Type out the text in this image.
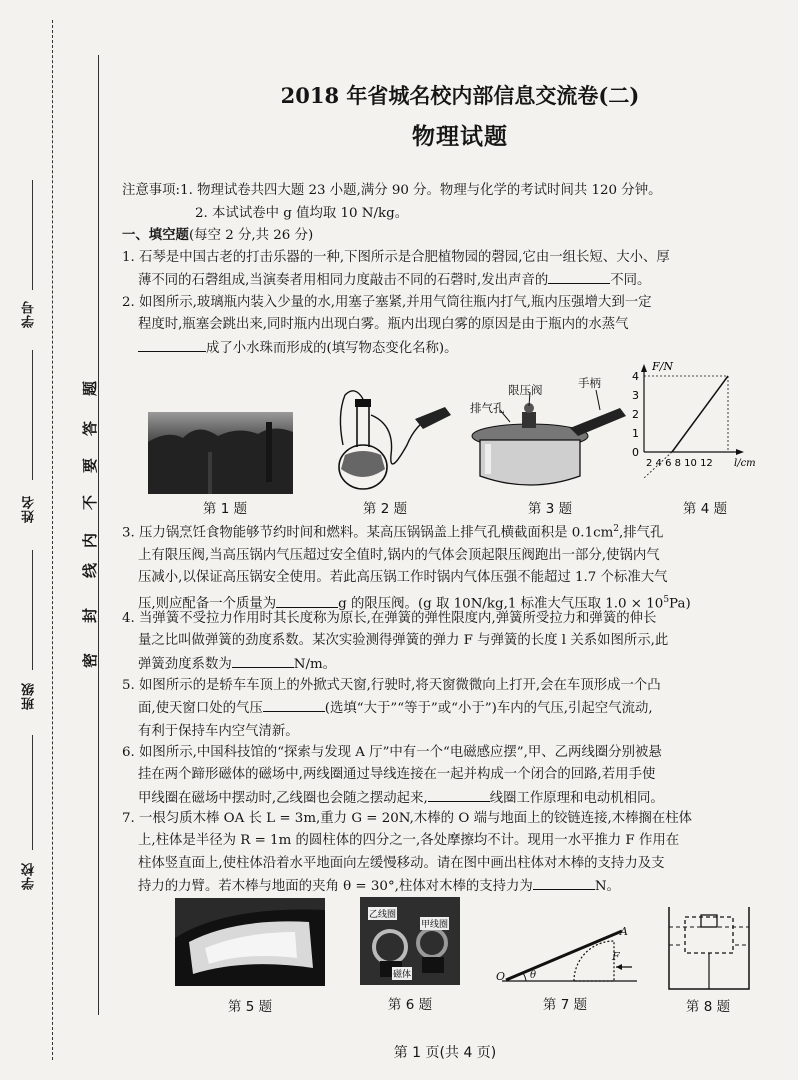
学号
姓名
班级
学校
密
封
线
内
不
要
答
题
2018 年省城名校内部信息交流卷(二)
物理试题
注意事项:1. 物理试卷共四大题 23 小题,满分 90 分。物理与化学的考试时间共 120 分钟。
2. 本试试卷中 g 值均取 10 N/kg。
一、填空题(每空 2 分,共 26 分)
1. 石琴是中国古老的打击乐器的一种,下图所示是合肥植物园的磬园,它由一组长短、大小、厚
薄不同的石磬组成,当演奏者用相同力度敲击不同的石磬时,发出声音的	不同。
2. 如图所示,玻璃瓶内装入少量的水,用塞子塞紧,并用气筒往瓶内打气,瓶内压强增大到一定
程度时,瓶塞会跳出来,同时瓶内出现白雾。瓶内出现白雾的原因是由于瓶内的水蒸气
成了小水珠而形成的(填写物态变化名称)。
限压阀
排气孔
手柄	4
3
2
1
0
F/N
2 4 6 8 10 12 l/cm
第 1 题	第 2 题	第 3 题	第 4 题
3. 压力锅烹饪食物能够节约时间和燃料。某高压锅锅盖上排气孔横截面积是 $0.1cm^2$,排气孔
上有限压阀,当高压锅内气压超过安全值时,锅内的气体会顶起限压阀跑出一部分,使锅内气
压减小,以保证高压锅安全使用。若此高压锅工作时锅内气体压强不能超过 1.7 个标准大气
压,则应配备一个质量为	g 的限压阀。(g 取 10N/kg,1 标准大气压取 $1.0 \times 10^5Pa$)
4. 当弹簧不受拉力作用时其长度称为原长,在弹簧的弹性限度内,弹簧所受拉力和弹簧的伸长
量之比叫做弹簧的劲度系数。某次实验测得弹簧的弹力 F 与弹簧的长度 l 关系如图所示,此
弹簧劲度系数为	N/m。
5. 如图所示的是轿车车顶上的外掀式天窗,行驶时,将天窗微微向上打开,会在车顶形成一个凸
面,使天窗口处的气压	(选填“大于”“等于”或“小于”)车内的气压,引起空气流动,
有利于保持车内空气清新。
6. 如图所示,中国科技馆的“探索与发现 A 厅”中有一个“电磁感应摆”,甲、乙两线圈分别被悬
挂在两个蹄形磁体的磁场中,两线圈通过导线连接在一起并构成一个闭合的回路,若用手使
甲线圈在磁场中摆动时,乙线圈也会随之摆动起来,	线圈工作原理和电动机相同。
7. 一根匀质木棒 OA 长 L = 3m,重力 G = 20N,木棒的 O 端与地面上的铰链连接,木棒搁在柱体
上,柱体是半径为 R = 1m 的圆柱体的四分之一,各处摩擦均不计。现用一水平推力 F 作用在
柱体竖直面上,使柱体沿着水平地面向左缓慢移动。请在图中画出柱体对木棒的支持力及支
持力的力臂。若木棒与地面的夹角 θ = 30°,柱体对木棒的支持力为	N。
乙线圈
甲线圈
磁体
A
O
F
θ
第 5 题	第 6 题	第 7 题	第 8 题
第 1 页(共 4 页)
